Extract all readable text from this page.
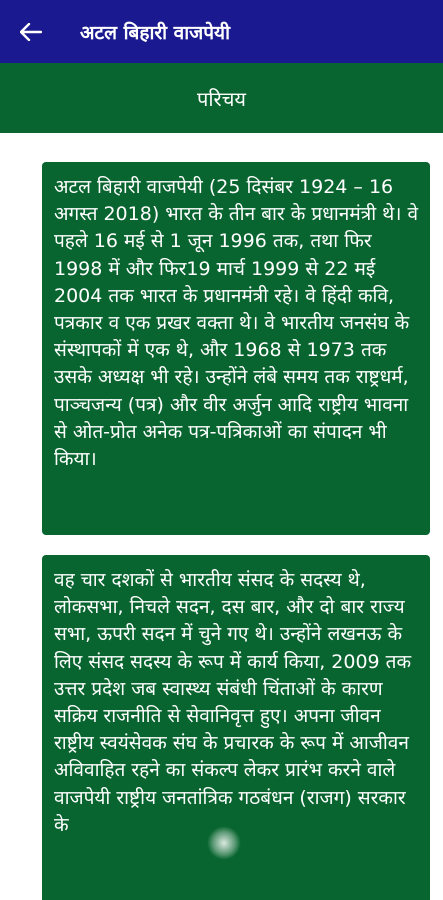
अटल बिहारी वाजपेयी
परिचय
अटल बिहारी वाजपेयी (25 दिसंबर 1924 – 16 अगस्त 2018) भारत के तीन बार के प्रधानमंत्री थे। वे पहले 16 मई से 1 जून 1996 तक, तथा फिर 1998 में और फिर19 मार्च 1999 से 22 मई 2004 तक भारत के प्रधानमंत्री रहे। वे हिंदी कवि, पत्रकार व एक प्रखर वक्ता थे। वे भारतीय जनसंघ के संस्थापकों में एक थे, और 1968 से 1973 तक उसके अध्यक्ष भी रहे। उन्होंने लंबे समय तक राष्ट्रधर्म, पाञ्चजन्य (पत्र) और वीर अर्जुन आदि राष्ट्रीय भावना से ओत-प्रोत अनेक पत्र-पत्रिकाओं का संपादन भी किया।
वह चार दशकों से भारतीय संसद के सदस्य थे, लोकसभा, निचले सदन, दस बार, और दो बार राज्य सभा, ऊपरी सदन में चुने गए थे। उन्होंने लखनऊ के लिए संसद सदस्य के रूप में कार्य किया, 2009 तक उत्तर प्रदेश जब स्वास्थ्य संबंधी चिंताओं के कारण सक्रिय राजनीति से सेवानिवृत्त हुए। अपना जीवन राष्ट्रीय स्वयंसेवक संघ के प्रचारक के रूप में आजीवन अविवाहित रहने का संकल्प लेकर प्रारंभ करने वाले वाजपेयी राष्ट्रीय जनतांत्रिक गठबंधन (राजग) सरकार के
